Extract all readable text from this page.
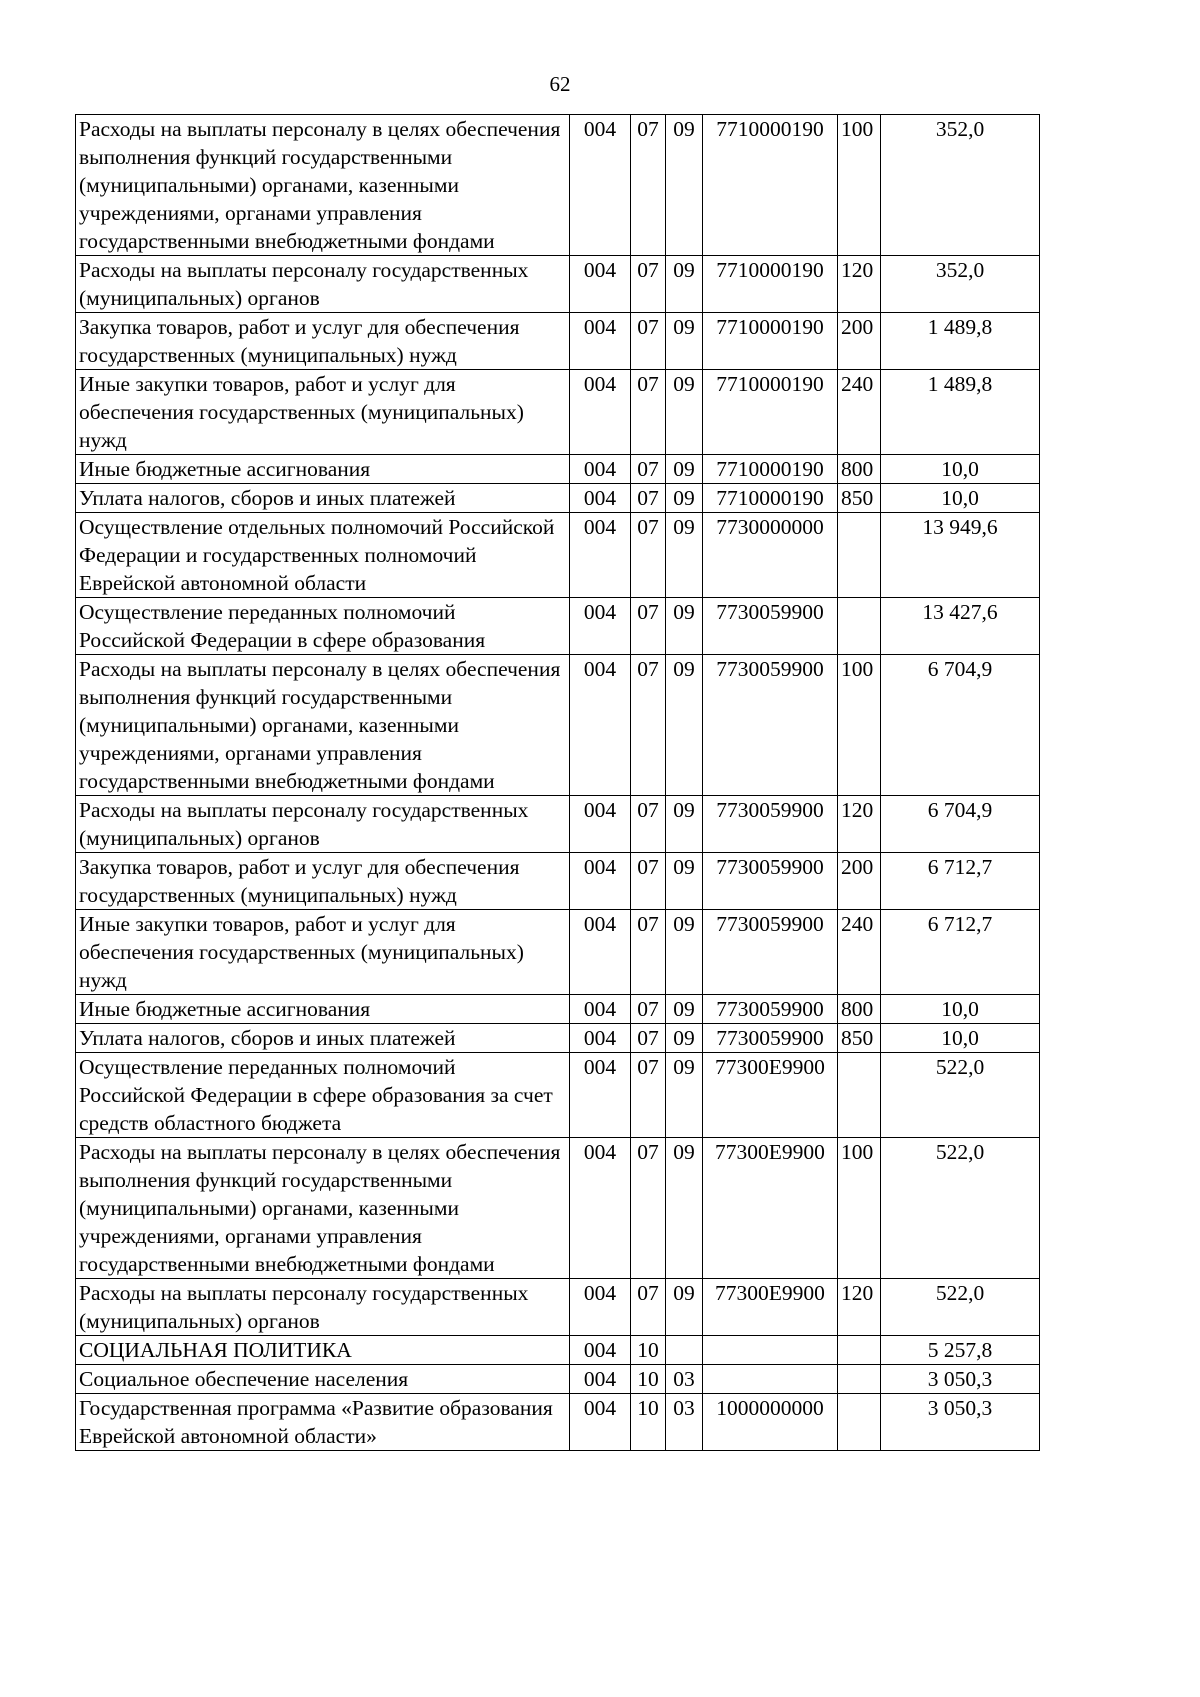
62
Расходы на выплаты персоналу в целях обеспечения выполнения функций государственными (муниципальными) органами, казенными учреждениями, органами управления государственными внебюджетными фондами	004	07	09	7710000190	100	352,0
Расходы на выплаты персоналу государственных (муниципальных) органов	004	07	09	7710000190	120	352,0
Закупка товаров, работ и услуг для обеспечения государственных (муниципальных) нужд	004	07	09	7710000190	200	1 489,8
Иные закупки товаров, работ и услуг для обеспечения государственных (муниципальных) нужд	004	07	09	7710000190	240	1 489,8
Иные бюджетные ассигнования	004	07	09	7710000190	800	10,0
Уплата налогов, сборов и иных платежей	004	07	09	7710000190	850	10,0
Осуществление отдельных полномочий Российской Федерации и государственных полномочий Еврейской автономной области	004	07	09	7730000000		13 949,6
Осуществление переданных полномочий Российской Федерации в сфере образования	004	07	09	7730059900		13 427,6
Расходы на выплаты персоналу в целях обеспечения выполнения функций государственными (муниципальными) органами, казенными учреждениями, органами управления государственными внебюджетными фондами	004	07	09	7730059900	100	6 704,9
Расходы на выплаты персоналу государственных (муниципальных) органов	004	07	09	7730059900	120	6 704,9
Закупка товаров, работ и услуг для обеспечения государственных (муниципальных) нужд	004	07	09	7730059900	200	6 712,7
Иные закупки товаров, работ и услуг для обеспечения государственных (муниципальных) нужд	004	07	09	7730059900	240	6 712,7
Иные бюджетные ассигнования	004	07	09	7730059900	800	10,0
Уплата налогов, сборов и иных платежей	004	07	09	7730059900	850	10,0
Осуществление переданных полномочий Российской Федерации в сфере образования за счет средств областного бюджета	004	07	09	77300E9900		522,0
Расходы на выплаты персоналу в целях обеспечения выполнения функций государственными (муниципальными) органами, казенными учреждениями, органами управления государственными внебюджетными фондами	004	07	09	77300E9900	100	522,0
Расходы на выплаты персоналу государственных (муниципальных) органов	004	07	09	77300E9900	120	522,0
СОЦИАЛЬНАЯ ПОЛИТИКА	004	10				5 257,8
Социальное обеспечение населения	004	10	03			3 050,3
Государственная программа «Развитие образования Еврейской автономной области»	004	10	03	1000000000		3 050,3
